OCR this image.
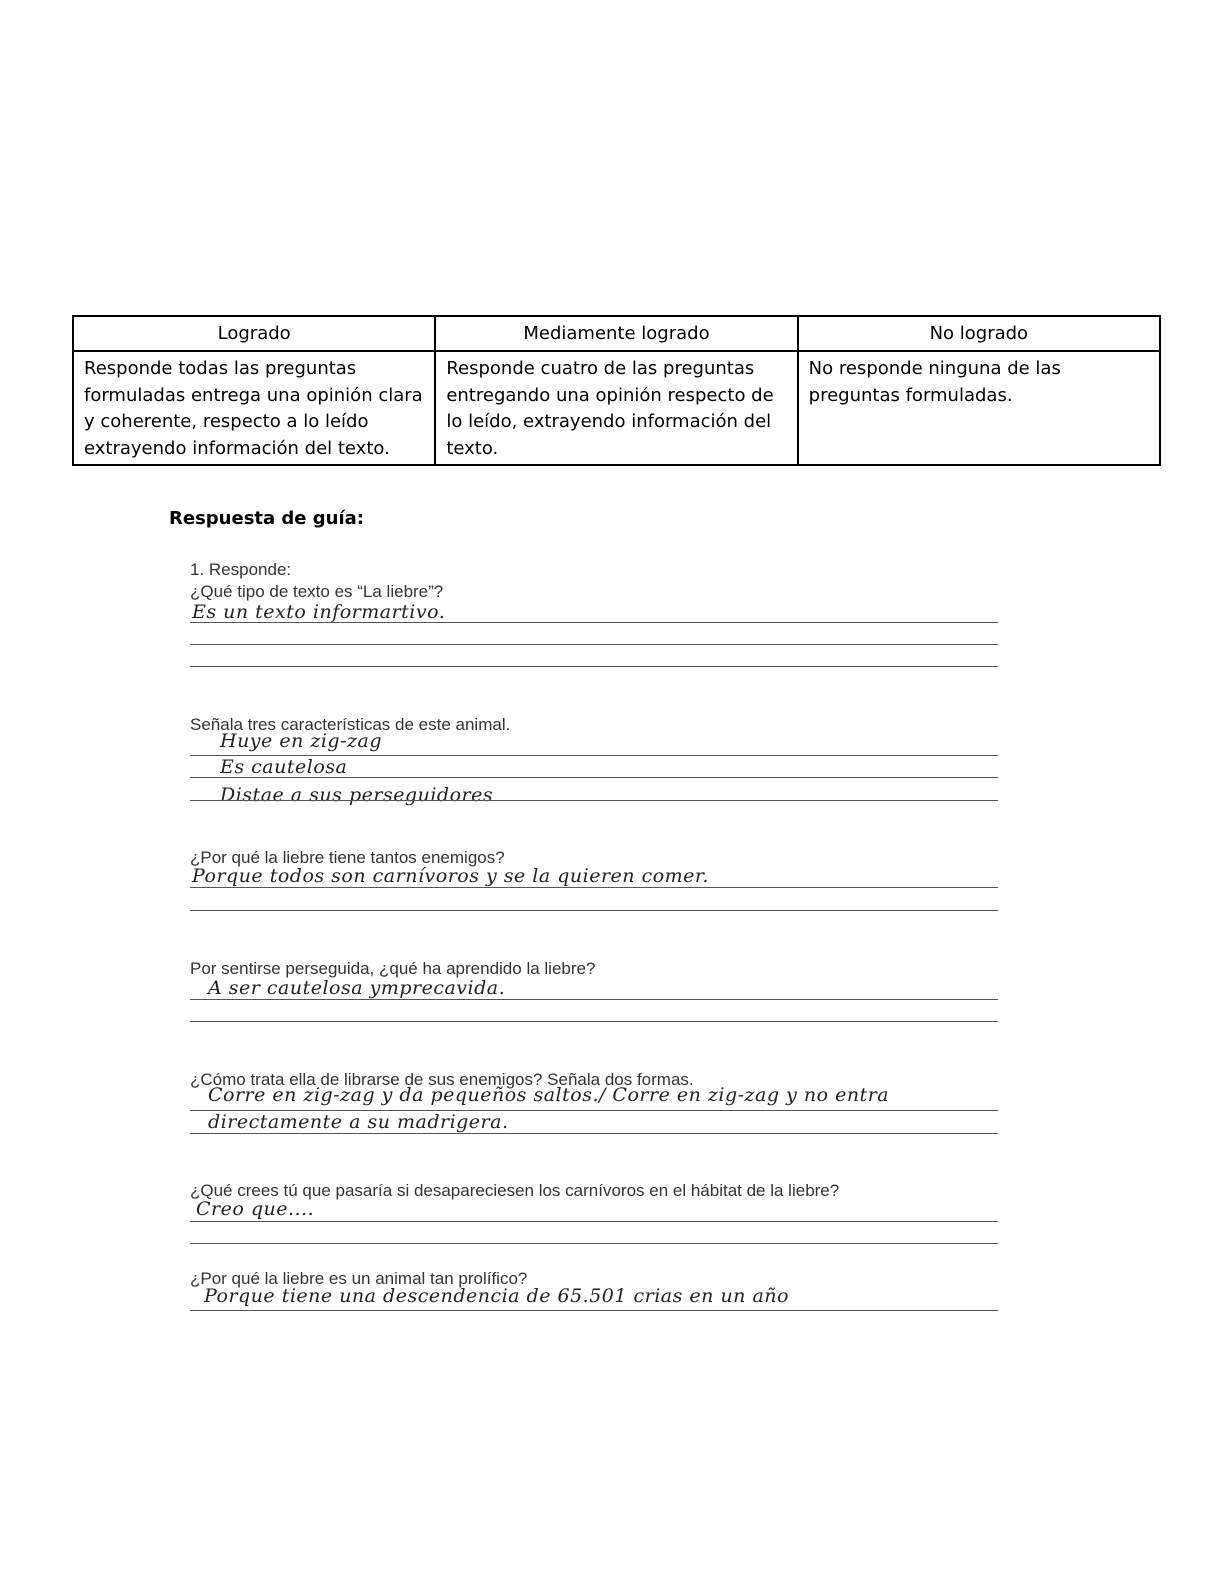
Logrado	Mediamente logrado	No logrado
Responde todas las preguntas formuladas entrega una opinión clara y coherente, respecto a lo leído extrayendo información del texto.	Responde cuatro de las preguntas entregando una opinión respecto de lo leído, extrayendo información del texto.	No responde ninguna de las preguntas formuladas.
Respuesta de guía:
1. Responde:
¿Qué tipo de texto es “La liebre”?
Es un texto informartivo.
Señala tres características de este animal.
Huye en zig-zag
Es cautelosa
Distae a sus perseguidores
¿Por qué la liebre tiene tantos enemigos?
Porque todos son carnívoros y se la quieren comer.
Por sentirse perseguida, ¿qué ha aprendido la liebre?
A ser cautelosa ymprecavida.
¿Cómo trata ella de librarse de sus enemigos? Señala dos formas.
Corre en zig-zag y da pequeños saltos./ Corre en zig-zag y no entra
directamente a su madrigera.
¿Qué crees tú que pasaría si desapareciesen los carnívoros en el hábitat de la liebre?
Creo que....
¿Por qué la liebre es un animal tan prolífico?
Porque tiene una descendencia de 65.501 crias en un año
